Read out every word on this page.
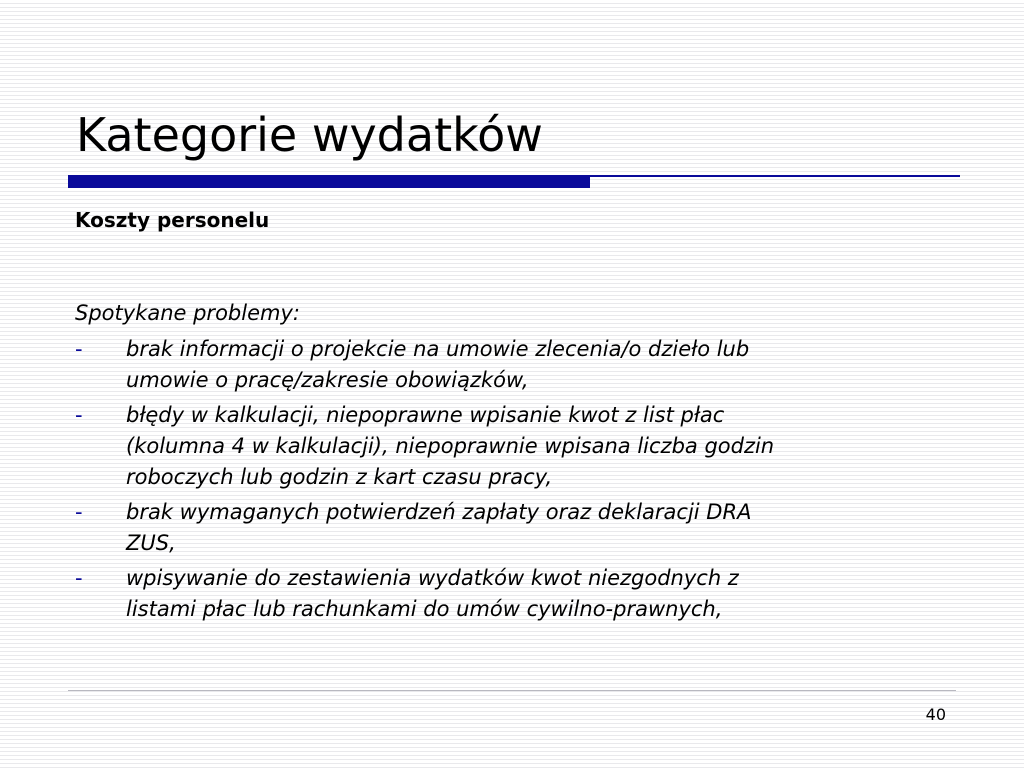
Kategorie wydatków
Koszty personelu
Spotykane problemy:
-	brak informacji o projekcie na umowie zlecenia/o dzieło lub
umowie o pracę/zakresie obowiązków,
-	błędy w kalkulacji, niepoprawne wpisanie kwot z list płac
(kolumna 4 w kalkulacji), niepoprawnie wpisana liczba godzin
roboczych lub godzin z kart czasu pracy,
-	brak wymaganych potwierdzeń zapłaty oraz deklaracji DRA
ZUS,
-	wpisywanie do zestawienia wydatków kwot niezgodnych z
listami płac lub rachunkami do umów cywilno-prawnych,
40
